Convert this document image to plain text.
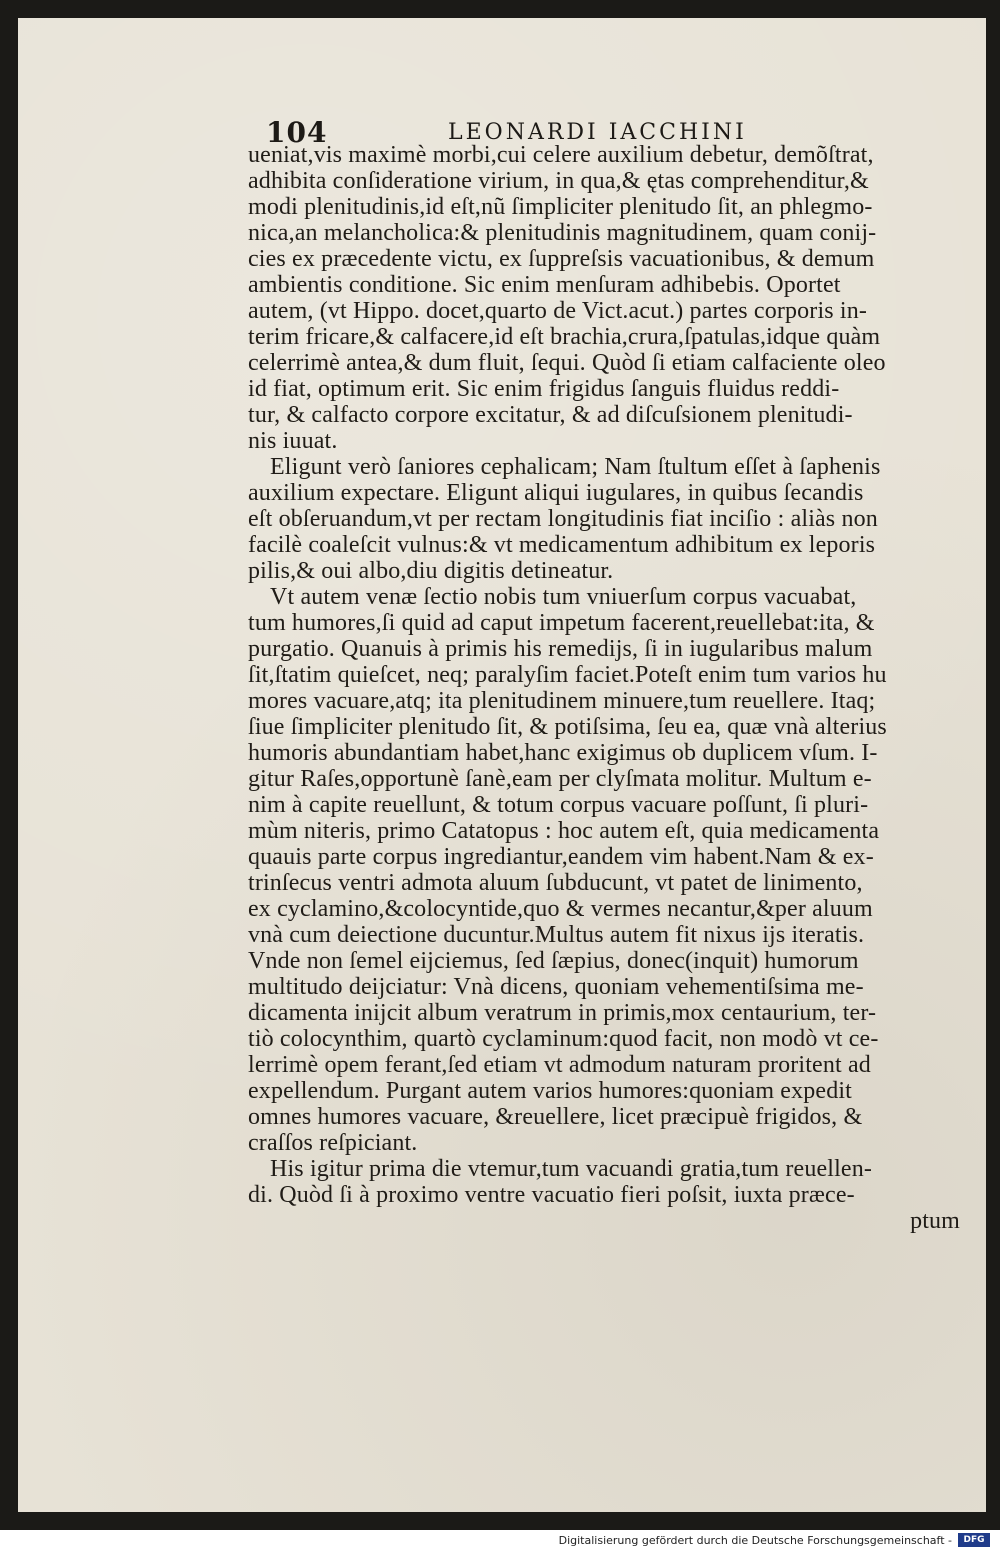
104	LEONARDI IACCHINI
ueniat,vis maximè morbi,cui celere auxilium debetur, demõſtrat,
adhibita conſideratione virium, in qua,& ętas comprehenditur,&
modi plenitudinis,id eſt,nũ ſimpliciter plenitudo ſit, an phlegmo-
nica,an melancholica:& plenitudinis magnitudinem, quam conij-
cies ex præcedente victu, ex ſuppreſsis vacuationibus, & demum
ambientis conditione. Sic enim menſuram adhibebis. Oportet
autem, (vt Hippo. docet,quarto de Vict.acut.) partes corporis in-
terim fricare,& calfacere,id eſt brachia,crura,ſpatulas,idque quàm
celerrimè antea,& dum fluit, ſequi. Quòd ſi etiam calfaciente oleo
id fiat, optimum erit. Sic enim frigidus ſanguis fluidus reddi-
tur, & calfacto corpore excitatur, & ad diſcuſsionem plenitudi-
nis iuuat.
Eligunt verò ſaniores cephalicam; Nam ſtultum eſſet à ſaphenis
auxilium expectare. Eligunt aliqui iugulares, in quibus ſecandis
eſt obſeruandum,vt per rectam longitudinis fiat inciſio : aliàs non
facilè coaleſcit vulnus:& vt medicamentum adhibitum ex leporis
pilis,& oui albo,diu digitis detineatur.
Vt autem venæ ſectio nobis tum vniuerſum corpus vacuabat,
tum humores,ſi quid ad caput impetum facerent,reuellebat:ita, &
purgatio. Quanuis à primis his remedijs, ſi in iugularibus malum
ſit,ſtatim quieſcet, neq; paralyſim faciet.Poteſt enim tum varios hu
mores vacuare,atq; ita plenitudinem minuere,tum reuellere. Itaq;
ſiue ſimpliciter plenitudo ſit, & potiſsima, ſeu ea, quæ vnà alterius
humoris abundantiam habet,hanc exigimus ob duplicem vſum. I-
gitur Raſes,opportunè ſanè,eam per clyſmata molitur. Multum e-
nim à capite reuellunt, & totum corpus vacuare poſſunt, ſi pluri-
mùm niteris, primo Catatopus : hoc autem eſt, quia medicamenta
quauis parte corpus ingrediantur,eandem vim habent.Nam & ex-
trinſecus ventri admota aluum ſubducunt, vt patet de linimento,
ex cyclamino,&colocyntide,quo & vermes necantur,&per aluum
vnà cum deiectione ducuntur.Multus autem fit nixus ijs iteratis.
Vnde non ſemel eijciemus, ſed ſæpius, donec(inquit) humorum
multitudo deijciatur: Vnà dicens, quoniam vehementiſsima me-
dicamenta inijcit album veratrum in primis,mox centaurium, ter-
tiò colocynthim, quartò cyclaminum:quod facit, non modò vt ce-
lerrimè opem ferant,ſed etiam vt admodum naturam proritent ad
expellendum. Purgant autem varios humores:quoniam expedit
omnes humores vacuare, &reuellere, licet præcipuè frigidos, &
craſſos reſpiciant.
His igitur prima die vtemur,tum vacuandi gratia,tum reuellen-
di. Quòd ſi à proximo ventre vacuatio fieri poſsit, iuxta præce-
ptum
Digitalisierung gefördert durch die Deutsche Forschungsgemeinschaft -	DFG
